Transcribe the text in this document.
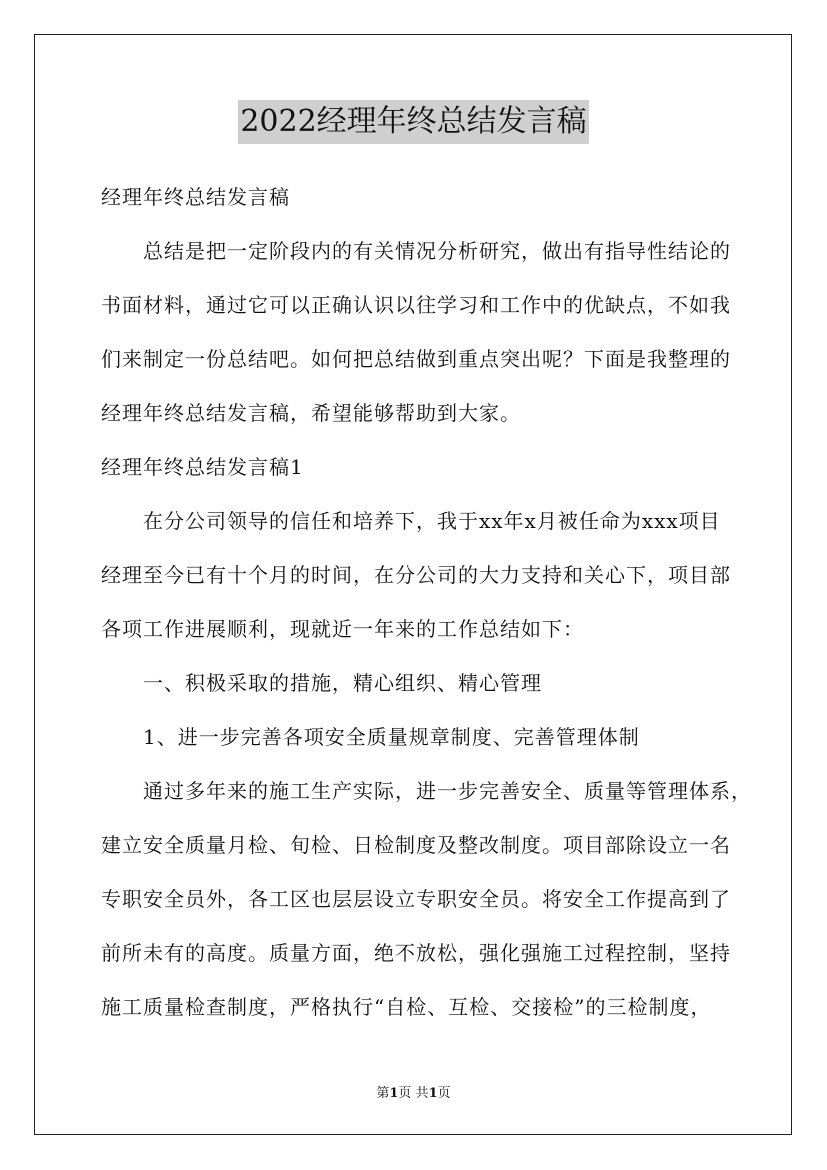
2022经理年终总结发言稿
经理年终总结发言稿
总结是把一定阶段内的有关情况分析研究，做出有指导性结论的
书面材料，通过它可以正确认识以往学习和工作中的优缺点，不如我
们来制定一份总结吧。如何把总结做到重点突出呢？下面是我整理的
经理年终总结发言稿，希望能够帮助到大家。
经理年终总结发言稿1
在分公司领导的信任和培养下，我于xx年x月被任命为xxx项目
经理至今已有十个月的时间，在分公司的大力支持和关心下，项目部
各项工作进展顺利，现就近一年来的工作总结如下：
一、积极采取的措施，精心组织、精心管理
1、进一步完善各项安全质量规章制度、完善管理体制
通过多年来的施工生产实际，进一步完善安全、质量等管理体系，
建立安全质量月检、旬检、日检制度及整改制度。项目部除设立一名
专职安全员外，各工区也层层设立专职安全员。将安全工作提高到了
前所未有的高度。质量方面，绝不放松，强化强施工过程控制，坚持
施工质量检查制度，严格执行“自检、互检、交接检”的三检制度，
第1页 共1页
